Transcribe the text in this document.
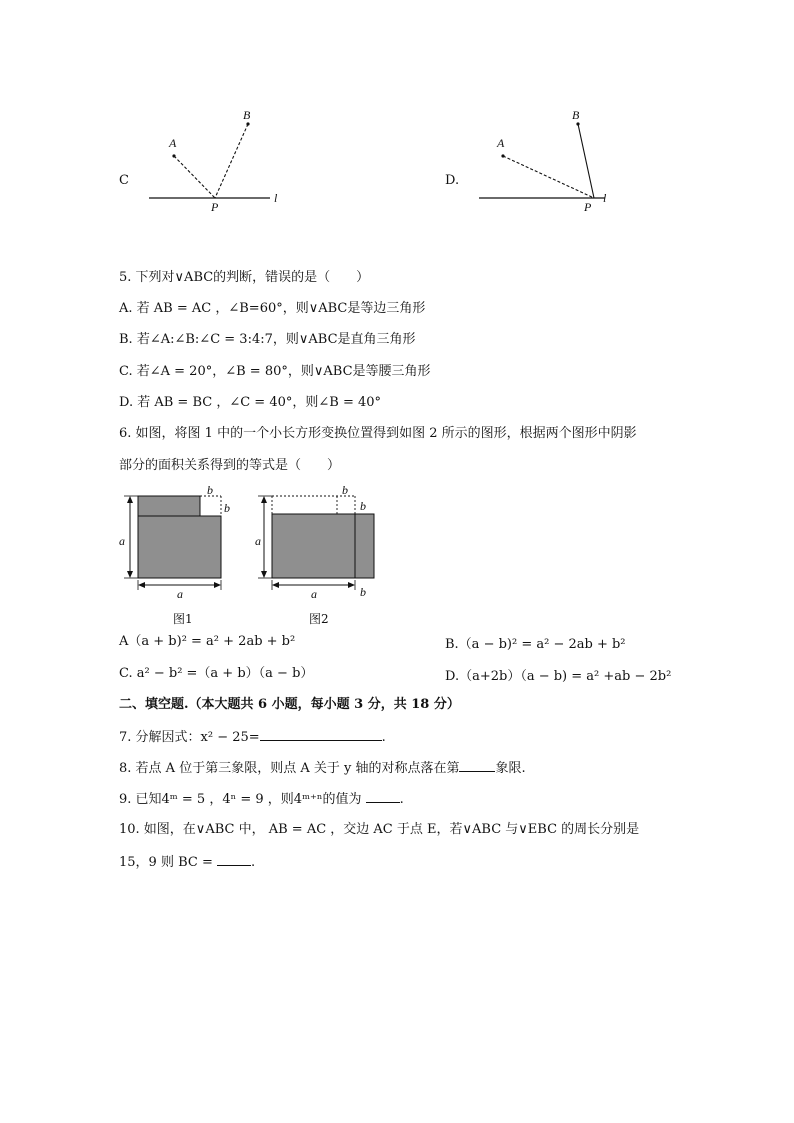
C
A
B
P
l
D.
A
B
P
l
5. 下列对∨ABC的判断，错误的是（　　）
A. 若 AB = AC ，∠B=60°，则∨ABC是等边三角形
B. 若∠A:∠B:∠C = 3:4:7，则∨ABC是直角三角形
C. 若∠A = 20°，∠B = 80°，则∨ABC是等腰三角形
D. 若 AB = BC ，∠C = 40°，则∠B = 40°
6. 如图，将图 1 中的一个小长方形变换位置得到如图 2 所示的图形，根据两个图形中阴影
部分的面积关系得到的等式是（　　）
b
b
a
a
图1
b
b
a
a	b
图2
A（a + b)² = a² + 2ab + b²	B.（a − b)² = a² − 2ab + b²
C. a² − b² =（a + b）（a − b）	D.（a+2b）（a − b) = a² +ab − 2b²
二、填空题.（本大题共 6 小题，每小题 3 分，共 18 分）
7. 分解因式：x² − 25=	.
8. 若点 A 位于第三象限，则点 A 关于 y 轴的对称点落在第	象限.
9. 已知4ᵐ = 5 ，4ⁿ = 9 ，则4ᵐ⁺ⁿ的值为	.
10. 如图，在∨ABC 中， AB = AC ，交边 AC 于点 E，若∨ABC 与∨EBC 的周长分别是
15，9 则 BC =	.
